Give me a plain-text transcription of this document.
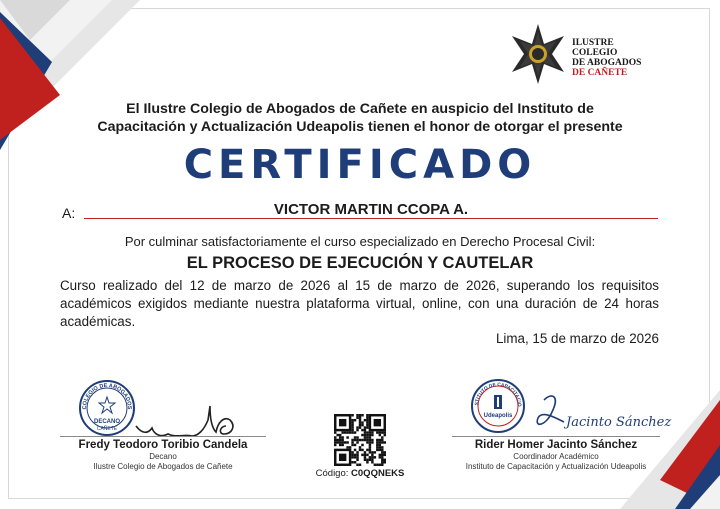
ILUSTRE
COLEGIO
DE ABOGADOS
DE CAÑETE
El Ilustre Colegio de Abogados de Cañete en auspicio del Instituto de
Capacitación y Actualización Udeapolis tienen el honor de otorgar el presente
CERTIFICADO
A:	VICTOR MARTIN CCOPA A.
Por culminar satisfactoriamente el curso especializado en Derecho Procesal Civil:
EL PROCESO DE EJECUCIÓN Y CAUTELAR
Curso realizado del 12 de marzo de 2026 al 15 de marzo de 2026, superando los requisitos académicos exigidos mediante nuestra plataforma virtual, online, con una duración de 24 horas académicas.
Lima, 15 de marzo de 2026
COLEGIO DE ABOGADOS
DECANO
CAÑETE
Fredy Teodoro Toribio Candela
Decano
Ilustre Colegio de Abogados de Cañete
Código: C0QQNEKS
STITUTO DE CAPACITACIÓ
Udeapolis	Jacinto Sánchez
Rider Homer Jacinto Sánchez
Coordinador Académico
Instituto de Capacitación y Actualización Udeapolis
